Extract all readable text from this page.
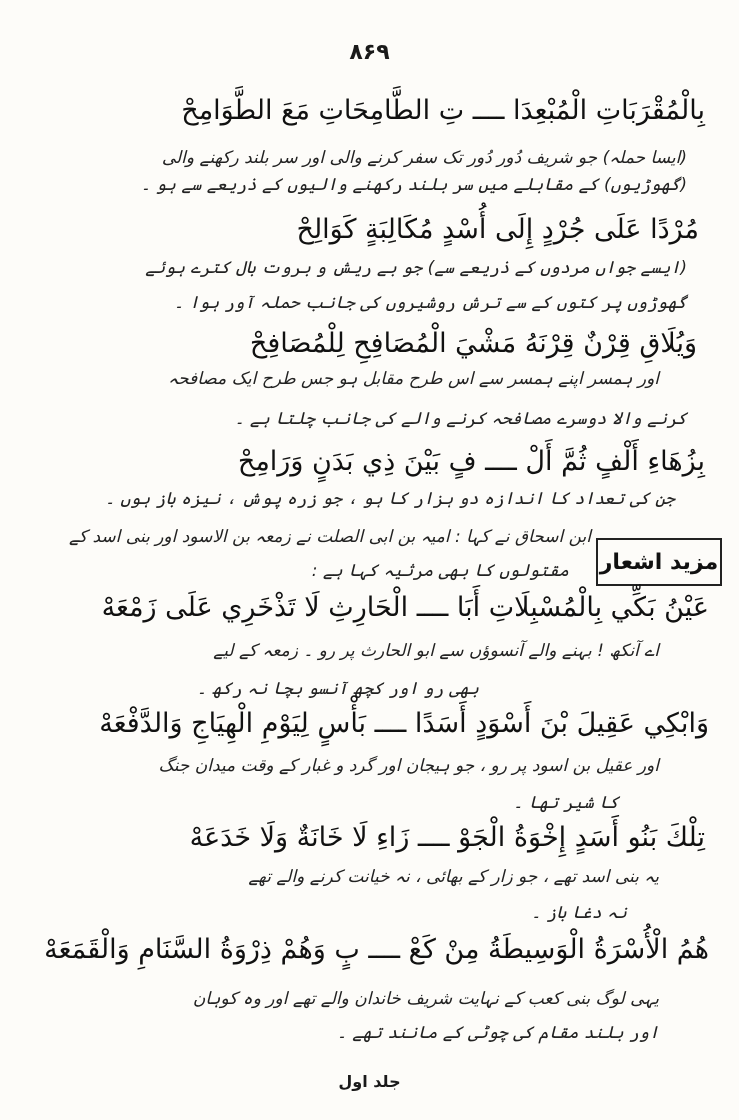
۸۶۹
بِالْمُقْرَبَاتِ الْمُبْعِدَا ــــ تِ الطَّامِحَاتِ مَعَ الطَّوَامِحْ
(ایسا حملہ) جو شریف دُور دُور تک سفر کرنے والی اور سر بلند رکھنے والی
(گھوڑیوں) کے مقابلے میں سر بلند رکھنے والیوں کے ذریعے سے ہو ۔
مُرْدًا عَلَى جُرْدٍ إِلَى أُسْدٍ مُكَالِبَةٍ كَوَالِحْ
(ایسے جواں مردوں کے ذریعے سے) جو بے ریش و بروت بال کترے ہوئے
گھوڑوں پر کتوں کے سے ترش روشیروں کی جانب حملہ آور ہوا ۔
وَيُلَاقِ قِرْنٌ قِرْنَهُ مَشْيَ الْمُصَافِحِ لِلْمُصَافِحْ
اور ہمسر اپنے ہمسر سے اس طرح مقابل ہو جس طرح ایک مصافحہ
کرنے والا دوسرے مصافحہ کرنے والے کی جانب چلتا ہے ۔
بِزُهَاءِ أَلْفٍ ثُمَّ أَلْ ــــ فٍ بَيْنَ ذِي بَدَنٍ وَرَامِحْ
جن کی تعداد کا اندازہ دو ہزار کا ہو ، جو زرہ پوش ، نیزہ باز ہوں ۔
مزید اشعار
ابن اسحاق نے کہا : امیہ بن ابی الصلت نے زمعہ بن الاسود اور بنی اسد کے
مقتولوں کا بھی مرثیہ کہا ہے :
عَيْنُ بَكِّي بِالْمُسْبِلَاتِ أَبَا ــــ الْحَارِثِ لَا تَذْخَرِي عَلَى زَمْعَهْ
اے آنکھ ! بہنے والے آنسوؤں سے ابو الحارث پر رو ۔ زمعہ کے لیے
بھی رو اور کچھ آنسو بچا نہ رکھ ۔
وَابْكِي عَقِيلَ بْنَ أَسْوَدٍ أَسَدًا ــــ بَأْسٍ لِيَوْمِ الْهِيَاجِ وَالدَّفْعَهْ
اور عقیل بن اسود پر رو ، جو ہیجان اور گرد و غبار کے وقت میدان جنگ
کا شیر تھا ۔
تِلْكَ بَنُو أَسَدٍ إِخْوَةُ الْجَوْ ــــ زَاءِ لَا خَانَةٌ وَلَا خَدَعَهْ
یہ بنی اسد تھے ، جو زار کے بھائی ، نہ خیانت کرنے والے تھے
نہ دغا باز ۔
هُمُ الْأُسْرَةُ الْوَسِيطَةُ مِنْ كَعْ ــــ بٍ وَهُمْ ذِرْوَةُ السَّنَامِ وَالْقَمَعَهْ
یہی لوگ بنی کعب کے نہایت شریف خاندان والے تھے اور وہ کوہان
اور بلند مقام کی چوٹی کے مانند تھے ۔
جلد اول
